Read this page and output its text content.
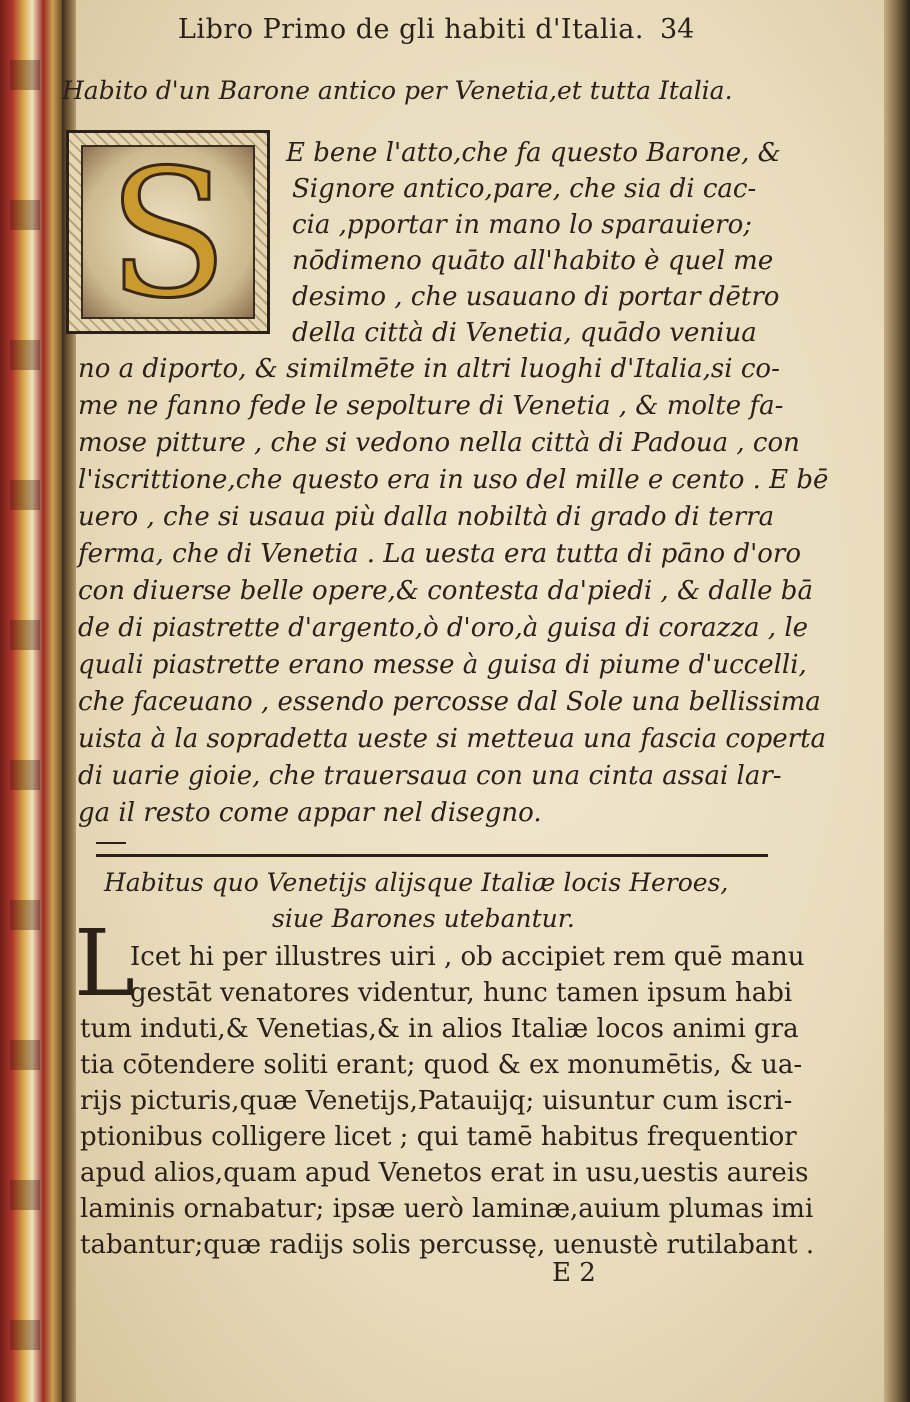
Libro Primo de gli habiti d'Italia. 34

Habito d'un Barone antico per Venetia,et tutta Italia.

S	E bene l'atto,che fa questo Barone, &

Signore antico,pare, che sia di cac-

cia ,pportar in mano lo sparauiero;

nōdimeno quāto all'habito è quel me

desimo , che usauano di portar dētro

della città di Venetia, quādo veniua

no a diporto, & similmēte in altri luoghi d'Italia,si co-

me ne fanno fede le sepolture di Venetia , & molte fa-

mose pitture , che si vedono nella città di Padoua , con

l'iscrittione,che questo era in uso del mille e cento . E bē

uero , che si usaua più dalla nobiltà di grado di terra

ferma, che di Venetia . La uesta era tutta di pāno d'oro

con diuerse belle opere,& contesta da'piedi , & dalle bā

de di piastrette d'argento,ò d'oro,à guisa di corazza , le

quali piastrette erano messe à guisa di piume d'uccelli,

che faceuano , essendo percosse dal Sole una bellissima

uista à la sopradetta ueste si metteua una fascia coperta

di uarie gioie, che trauersaua con una cinta assai lar-

ga il resto come appar nel disegno.

Habitus quo Venetijs alijsque Italiæ locis Heroes,

siue Barones utebantur.

L

Icet hi per illustres uiri , ob accipiet rem quē manu

gestāt venatores videntur, hunc tamen ipsum habi

tum induti,& Venetias,& in alios Italiæ locos animi gra

tia cōtendere soliti erant; quod & ex monumētis, & ua-

rijs picturis,quæ Venetijs,Patauijq; uisuntur cum iscri-

ptionibus colligere licet ; qui tamē habitus frequentior

apud alios,quam apud Venetos erat in usu,uestis aureis

laminis ornabatur; ipsæ uerò laminæ,auium plumas imi

tabantur;quæ radijs solis percussę, uenustè rutilabant .

E 2
